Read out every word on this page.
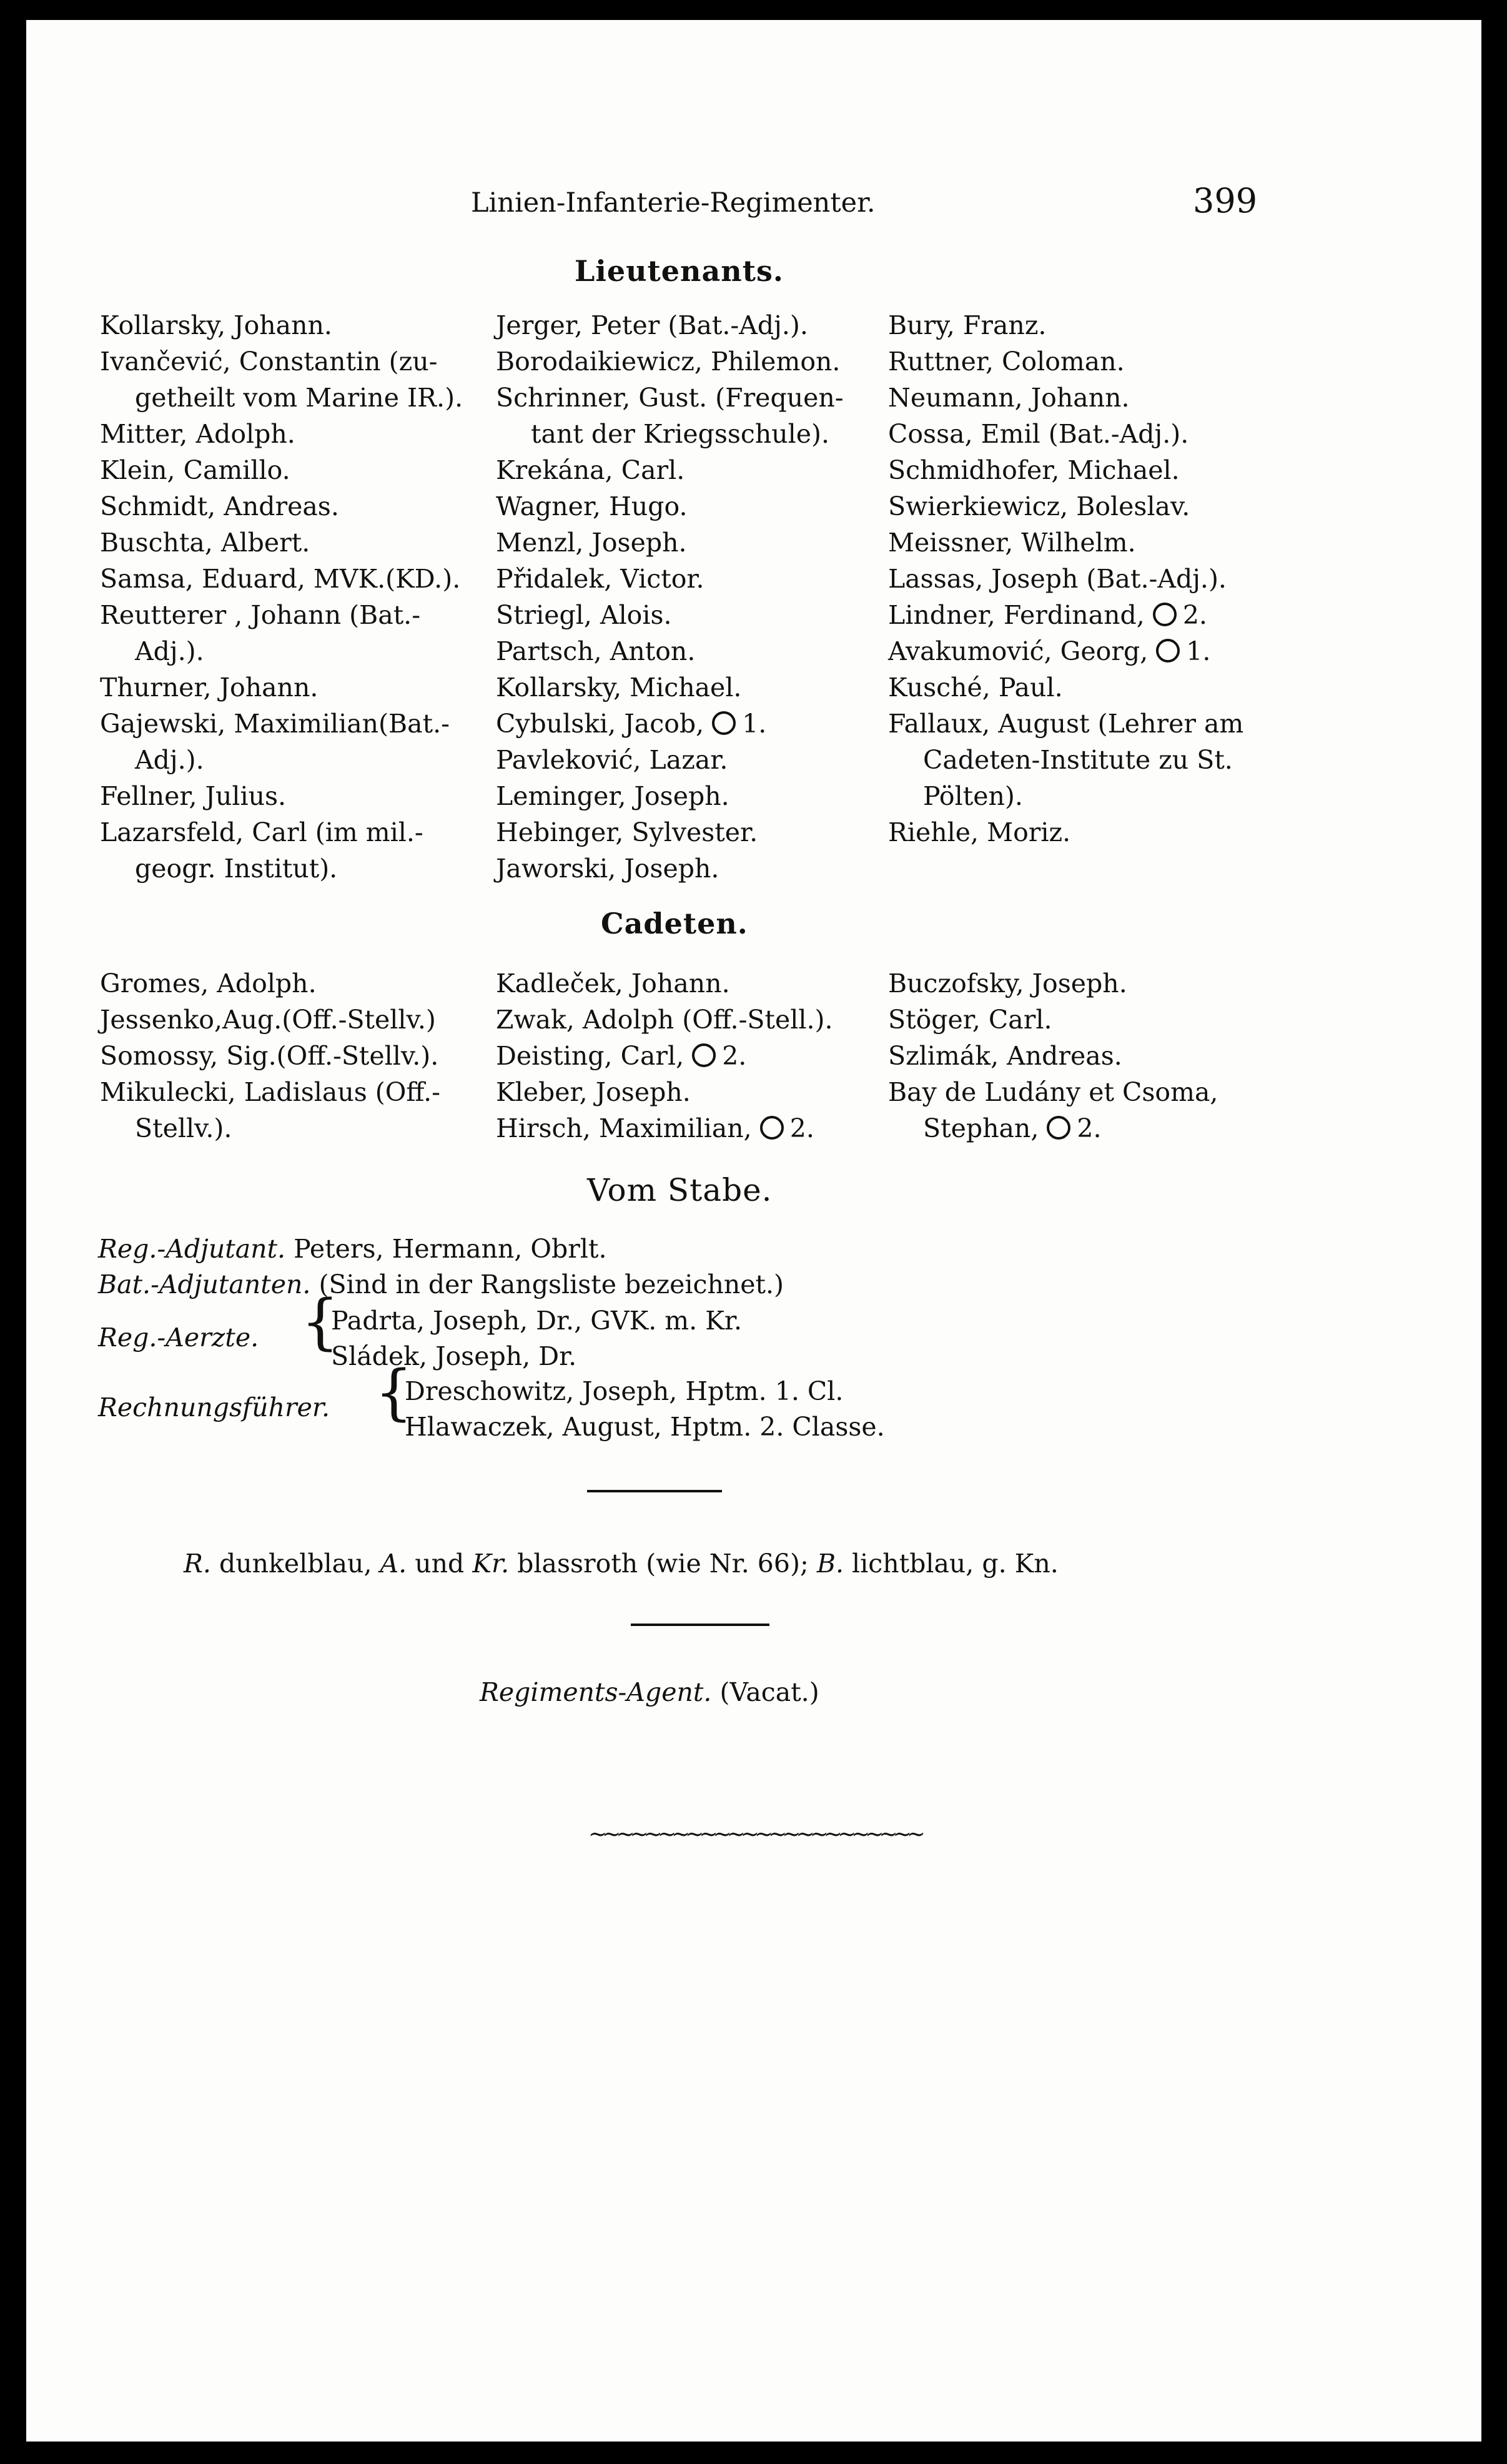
Linien-Infanterie-Regimenter.	399
Lieutenants.
Kollarsky, Johann.
Ivančević, Constantin (zu-
getheilt vom Marine IR.).
Mitter, Adolph.
Klein, Camillo.
Schmidt, Andreas.
Buschta, Albert.
Samsa, Eduard, MVK.(KD.).
Reutterer , Johann (Bat.-
Adj.).
Thurner, Johann.
Gajewski, Maximilian(Bat.-
Adj.).
Fellner, Julius.
Lazarsfeld, Carl (im mil.-
geogr. Institut).
Jerger, Peter (Bat.-Adj.).
Borodaikiewicz, Philemon.
Schrinner, Gust. (Frequen-
tant der Kriegsschule).
Krekána, Carl.
Wagner, Hugo.
Menzl, Joseph.
Přidalek, Victor.
Striegl, Alois.
Partsch, Anton.
Kollarsky, Michael.
Cybulski, Jacob, 1.
Pavleković, Lazar.
Leminger, Joseph.
Hebinger, Sylvester.
Jaworski, Joseph.
Bury, Franz.
Ruttner, Coloman.
Neumann, Johann.
Cossa, Emil (Bat.-Adj.).
Schmidhofer, Michael.
Swierkiewicz, Boleslav.
Meissner, Wilhelm.
Lassas, Joseph (Bat.-Adj.).
Lindner, Ferdinand, 2.
Avakumović, Georg, 1.
Kusché, Paul.
Fallaux, August (Lehrer am
Cadeten-Institute zu St.
Pölten).
Riehle, Moriz.
Cadeten.
Gromes, Adolph.
Jessenko,Aug.(Off.-Stellv.)
Somossy, Sig.(Off.-Stellv.).
Mikulecki, Ladislaus (Off.-
Stellv.).
Kadleček, Johann.
Zwak, Adolph (Off.-Stell.).
Deisting, Carl, 2.
Kleber, Joseph.
Hirsch, Maximilian, 2.
Buczofsky, Joseph.
Stöger, Carl.
Szlimák, Andreas.
Bay de Ludány et Csoma,
Stephan, 2.
Vom Stabe.
Reg.-Adjutant. Peters, Hermann, Obrlt.
Bat.-Adjutanten. (Sind in der Rangsliste bezeichnet.)
Reg.-Aerzte. {
Padrta, Joseph, Dr., GVK. m. Kr.
Sládek, Joseph, Dr.
Rechnungsführer. {
Dreschowitz, Joseph, Hptm. 1. Cl.
Hlawaczek, August, Hptm. 2. Classe.
R. dunkelblau, A. und Kr. blassroth (wie Nr. 66); B. lichtblau, g. Kn.
Regiments-Agent. (Vacat.)
~~~~~~~~~~~~~~~~~~~~~~~~
